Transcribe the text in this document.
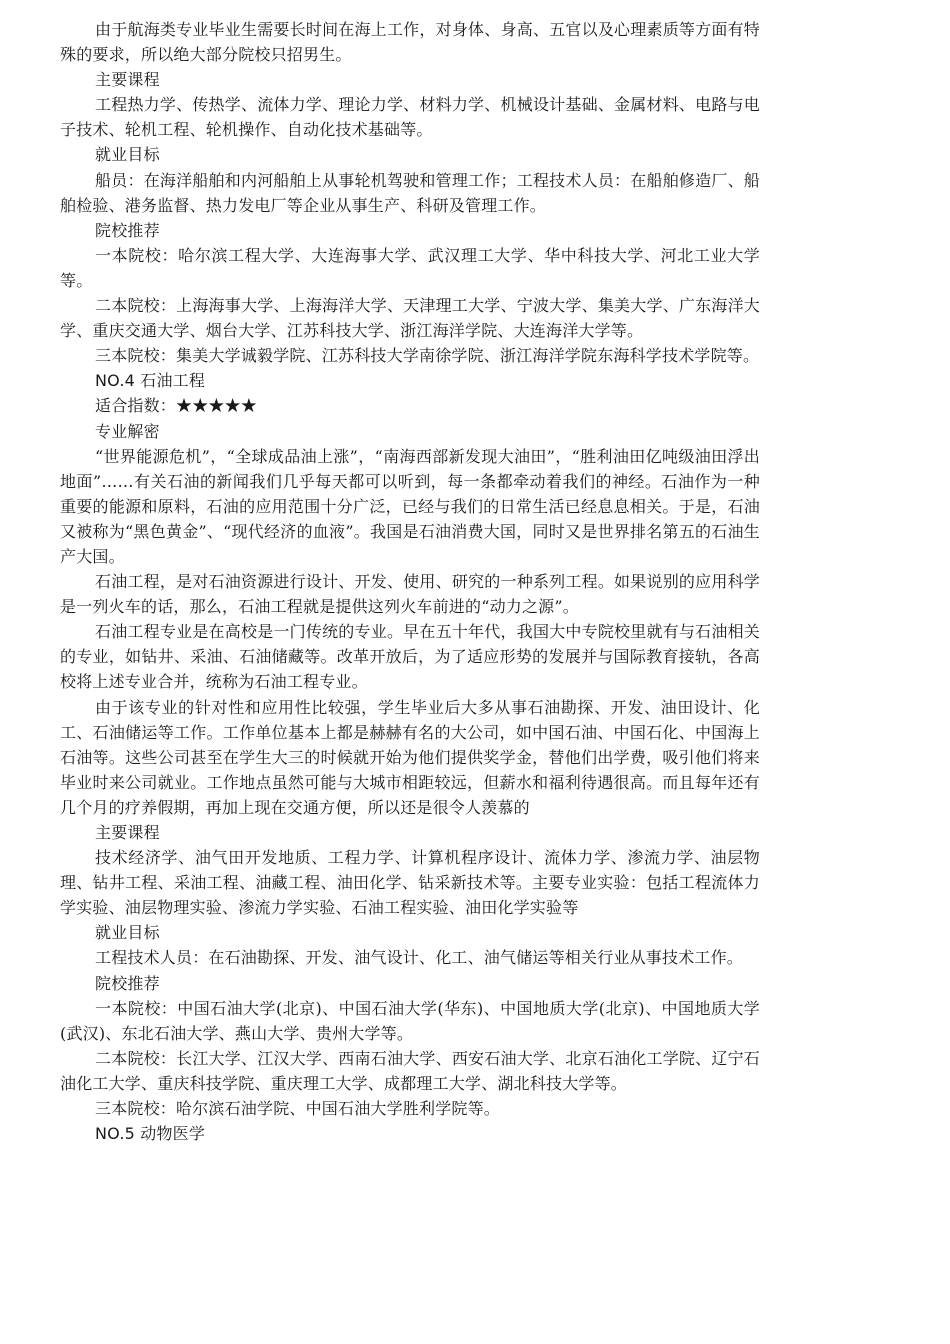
由于航海类专业毕业生需要长时间在海上工作，对身体、身高、五官以及心理素质等方面有特殊的要求，所以绝大部分院校只招男生。

主要课程

工程热力学、传热学、流体力学、理论力学、材料力学、机械设计基础、金属材料、电路与电子技术、轮机工程、轮机操作、自动化技术基础等。

就业目标

船员：在海洋船舶和内河船舶上从事轮机驾驶和管理工作；工程技术人员：在船舶修造厂、船舶检验、港务监督、热力发电厂等企业从事生产、科研及管理工作。

院校推荐

一本院校：哈尔滨工程大学、大连海事大学、武汉理工大学、华中科技大学、河北工业大学等。

二本院校：上海海事大学、上海海洋大学、天津理工大学、宁波大学、集美大学、广东海洋大学、重庆交通大学、烟台大学、江苏科技大学、浙江海洋学院、大连海洋大学等。

三本院校：集美大学诚毅学院、江苏科技大学南徐学院、浙江海洋学院东海科学技术学院等。

NO.4 石油工程

适合指数：★★★★★

专业解密

“世界能源危机”，“全球成品油上涨”，“南海西部新发现大油田”，“胜利油田亿吨级油田浮出地面”……有关石油的新闻我们几乎每天都可以听到，每一条都牵动着我们的神经。石油作为一种重要的能源和原料，石油的应用范围十分广泛，已经与我们的日常生活已经息息相关。于是，石油又被称为“黑色黄金”、“现代经济的血液”。我国是石油消费大国，同时又是世界排名第五的石油生产大国。

石油工程，是对石油资源进行设计、开发、使用、研究的一种系列工程。如果说别的应用科学是一列火车的话，那么，石油工程就是提供这列火车前进的“动力之源”。

石油工程专业是在高校是一门传统的专业。早在五十年代，我国大中专院校里就有与石油相关的专业，如钻井、采油、石油储藏等。改革开放后，为了适应形势的发展并与国际教育接轨，各高校将上述专业合并，统称为石油工程专业。

由于该专业的针对性和应用性比较强，学生毕业后大多从事石油勘探、开发、油田设计、化工、石油储运等工作。工作单位基本上都是赫赫有名的大公司，如中国石油、中国石化、中国海上石油等。这些公司甚至在学生大三的时候就开始为他们提供奖学金，替他们出学费，吸引他们将来毕业时来公司就业。工作地点虽然可能与大城市相距较远，但薪水和福利待遇很高。而且每年还有几个月的疗养假期，再加上现在交通方便，所以还是很令人羡慕的

主要课程

技术经济学、油气田开发地质、工程力学、计算机程序设计、流体力学、渗流力学、油层物理、钻井工程、采油工程、油藏工程、油田化学、钻采新技术等。主要专业实验：包括工程流体力学实验、油层物理实验、渗流力学实验、石油工程实验、油田化学实验等

就业目标

工程技术人员：在石油勘探、开发、油气设计、化工、油气储运等相关行业从事技术工作。

院校推荐

一本院校：中国石油大学(北京)、中国石油大学(华东)、中国地质大学(北京)、中国地质大学(武汉)、东北石油大学、燕山大学、贵州大学等。

二本院校：长江大学、江汉大学、西南石油大学、西安石油大学、北京石油化工学院、辽宁石油化工大学、重庆科技学院、重庆理工大学、成都理工大学、湖北科技大学等。

三本院校：哈尔滨石油学院、中国石油大学胜利学院等。

NO.5 动物医学
